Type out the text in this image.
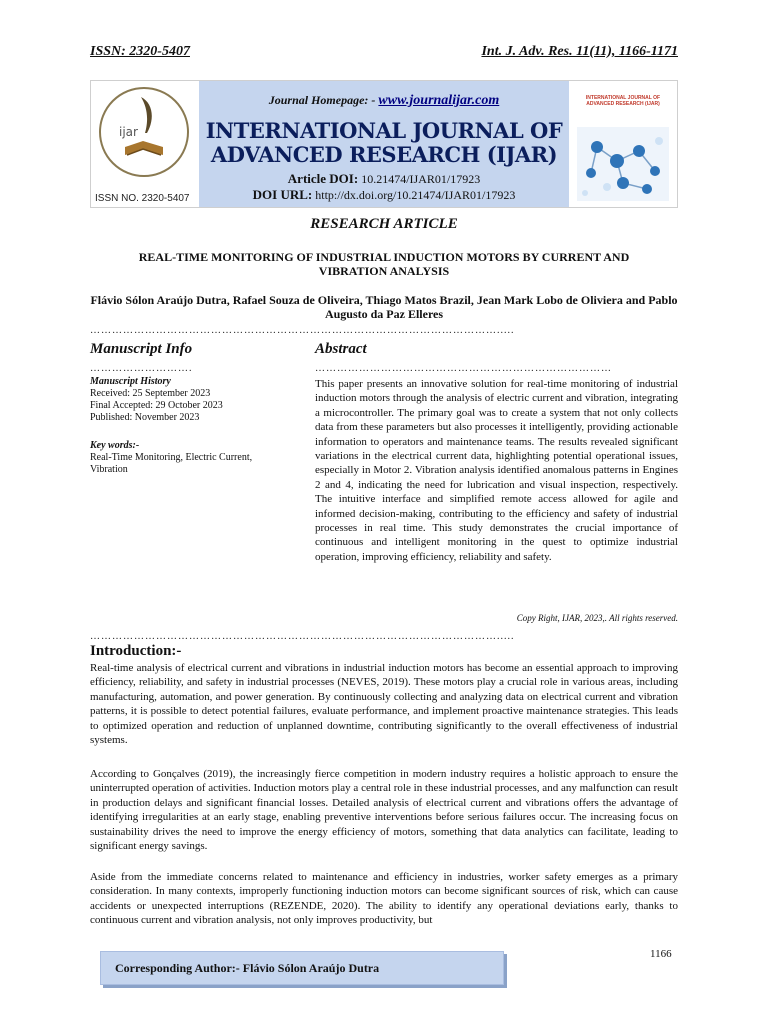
ISSN: 2320-5407	Int. J. Adv. Res. 11(11), 1166-1171
ijar
ISSN NO. 2320-5407
Journal Homepage: - www.journalijar.com
INTERNATIONAL JOURNAL OF
ADVANCED RESEARCH (IJAR)
Article DOI: 10.21474/IJAR01/17923
DOI URL: http://dx.doi.org/10.21474/IJAR01/17923
INTERNATIONAL JOURNAL OF ADVANCED RESEARCH (IJAR)
RESEARCH ARTICLE
REAL-TIME MONITORING OF INDUSTRIAL INDUCTION MOTORS BY CURRENT AND VIBRATION ANALYSIS
Flávio Sólon Araújo Dutra, Rafael Souza de Oliveira, Thiago Matos Brazil, Jean Mark Lobo de Oliviera and Pablo Augusto da Paz Elleres
………………………………………………………………………………………………….....
Manuscript Info	Abstract
……………………….	………………………………………………………………………
Manuscript History
Received: 25 September 2023
Final Accepted: 29 October 2023
Published: November 2023
Key words:-
Real-Time Monitoring, Electric Current, Vibration
This paper presents an innovative solution for real-time monitoring of industrial induction motors through the analysis of electric current and vibration, integrating a microcontroller. The primary goal was to create a system that not only collects data from these parameters but also processes it intelligently, providing actionable information to operators and maintenance teams. The results revealed significant variations in the electrical current data, highlighting potential operational issues, especially in Motor 2. Vibration analysis identified anomalous patterns in Engines 2 and 4, indicating the need for lubrication and visual inspection, respectively. The intuitive interface and simplified remote access allowed for agile and informed decision-making, contributing to the efficiency and safety of industrial processes in real time. This study demonstrates the crucial importance of continuous and intelligent monitoring in the quest to optimize industrial operation, improving efficiency, reliability and safety.
Copy Right, IJAR, 2023,. All rights reserved.
………………………………………………………………………………………………….....
Introduction:-
Real-time analysis of electrical current and vibrations in industrial induction motors has become an essential approach to improving efficiency, reliability, and safety in industrial processes (NEVES, 2019). These motors play a crucial role in various areas, including manufacturing, automation, and power generation. By continuously collecting and analyzing data on electrical current and vibration patterns, it is possible to detect potential failures, evaluate performance, and implement proactive maintenance strategies. This leads to optimized operation and reduction of unplanned downtime, contributing significantly to the overall effectiveness of industrial systems.
According to Gonçalves (2019), the increasingly fierce competition in modern industry requires a holistic approach to ensure the uninterrupted operation of activities. Induction motors play a central role in these industrial processes, and any malfunction can result in production delays and significant financial losses. Detailed analysis of electrical current and vibrations offers the advantage of identifying irregularities at an early stage, enabling preventive interventions before serious failures occur. The increasing focus on sustainability drives the need to improve the energy efficiency of motors, something that data analytics can facilitate, leading to significant energy savings.
Aside from the immediate concerns related to maintenance and efficiency in industries, worker safety emerges as a primary consideration. In many contexts, improperly functioning induction motors can become significant sources of risk, which can cause accidents or unexpected interruptions (REZENDE, 2020). The ability to identify any operational deviations early, thanks to continuous current and vibration analysis, not only improves productivity, but
1166
Corresponding Author:- Flávio Sólon Araújo Dutra
